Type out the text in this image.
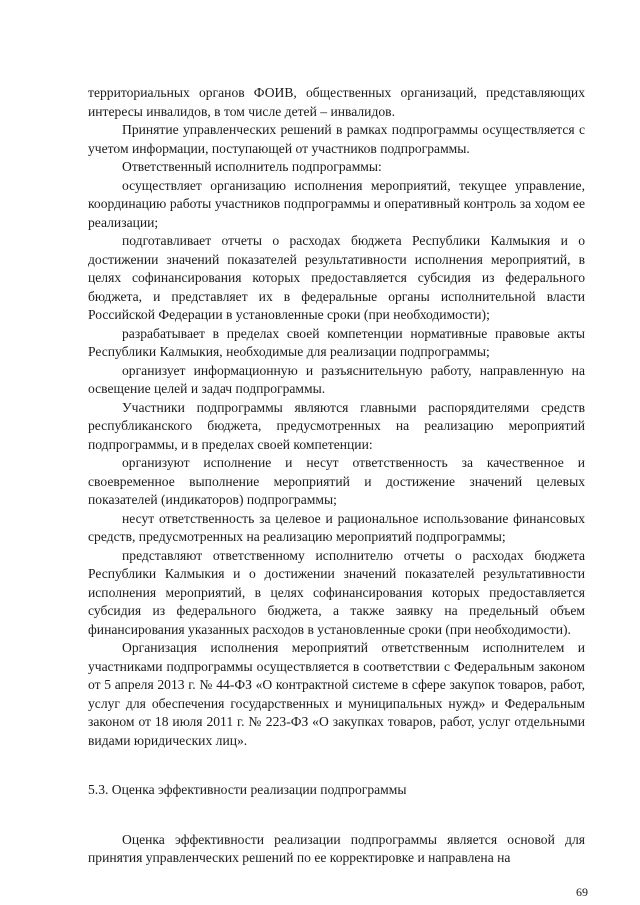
территориальных органов ФОИВ, общественных организаций, представляющих интересы инвалидов, в том числе детей – инвалидов.

Принятие управленческих решений в рамках подпрограммы осуществляется с учетом информации, поступающей от участников подпрограммы.

Ответственный исполнитель подпрограммы:

осуществляет организацию исполнения мероприятий, текущее управление, координацию работы участников подпрограммы и оперативный контроль за ходом ее реализации;

подготавливает отчеты о расходах бюджета Республики Калмыкия и о достижении значений показателей результативности исполнения мероприятий, в целях софинансирования которых предоставляется субсидия из федерального бюджета, и представляет их в федеральные органы исполнительной власти Российской Федерации в установленные сроки (при необходимости);

разрабатывает в пределах своей компетенции нормативные правовые акты Республики Калмыкия, необходимые для реализации подпрограммы;

организует информационную и разъяснительную работу, направленную на освещение целей и задач подпрограммы.

Участники подпрограммы являются главными распорядителями средств республиканского бюджета, предусмотренных на реализацию мероприятий подпрограммы, и в пределах своей компетенции:

организуют исполнение и несут ответственность за качественное и своевременное выполнение мероприятий и достижение значений целевых показателей (индикаторов) подпрограммы;

несут ответственность за целевое и рациональное использование финансовых средств, предусмотренных на реализацию мероприятий подпрограммы;

представляют ответственному исполнителю отчеты о расходах бюджета Республики Калмыкия и о достижении значений показателей результативности исполнения мероприятий, в целях софинансирования которых предоставляется субсидия из федерального бюджета, а также заявку на предельный объем финансирования указанных расходов в установленные сроки (при необходимости).

Организация исполнения мероприятий ответственным исполнителем и участниками подпрограммы осуществляется в соответствии с Федеральным законом от 5 апреля 2013 г. № 44-ФЗ «О контрактной системе в сфере закупок товаров, работ, услуг для обеспечения государственных и муниципальных нужд» и Федеральным законом от 18 июля 2011 г. № 223-ФЗ «О закупках товаров, работ, услуг отдельными видами юридических лиц».

5.3. Оценка эффективности реализации подпрограммы

Оценка эффективности реализации подпрограммы является основой для принятия управленческих решений по ее корректировке и направлена на

69
